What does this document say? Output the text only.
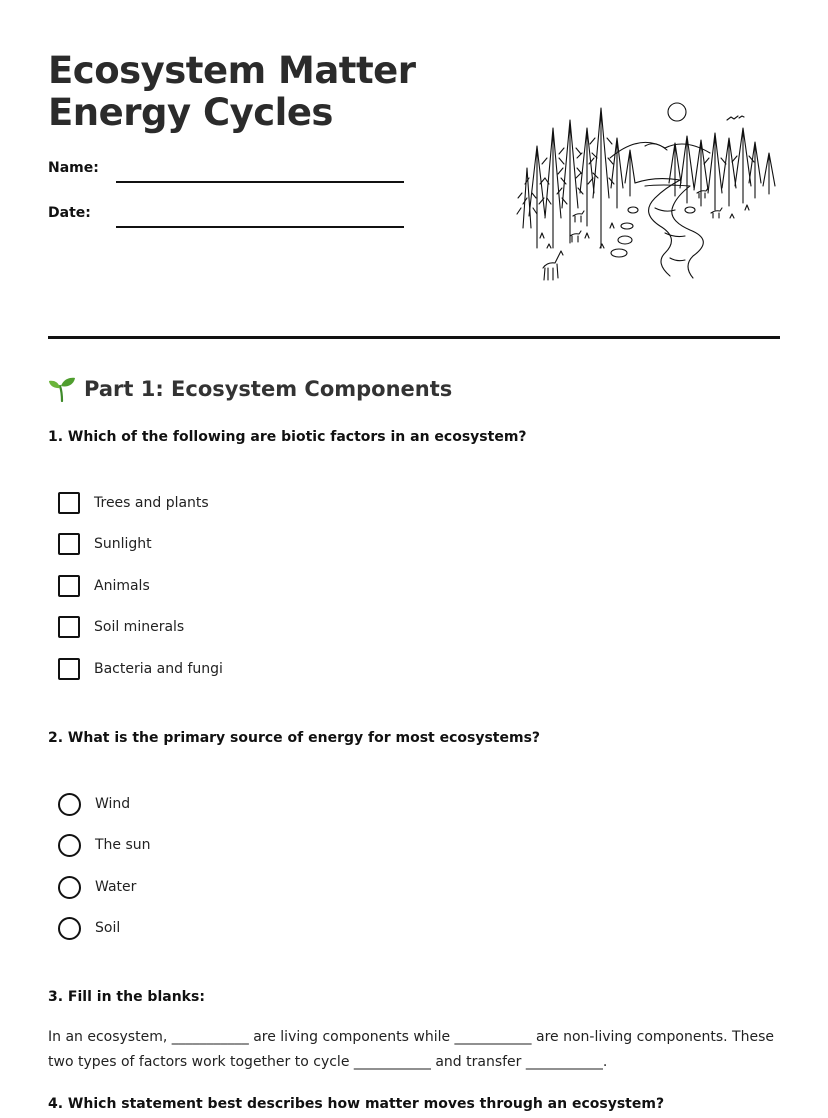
Ecosystem Matter
Energy Cycles
Name:
Date:
Part 1: Ecosystem Components
1. Which of the following are biotic factors in an ecosystem?
Trees and plants
Sunlight
Animals
Soil minerals
Bacteria and fungi
2. What is the primary source of energy for most ecosystems?
Wind
The sun
Water
Soil
3. Fill in the blanks:
In an ecosystem, ___________ are living components while ___________ are non-living components. These two types of factors work together to cycle ___________ and transfer ___________.
4. Which statement best describes how matter moves through an ecosystem?
